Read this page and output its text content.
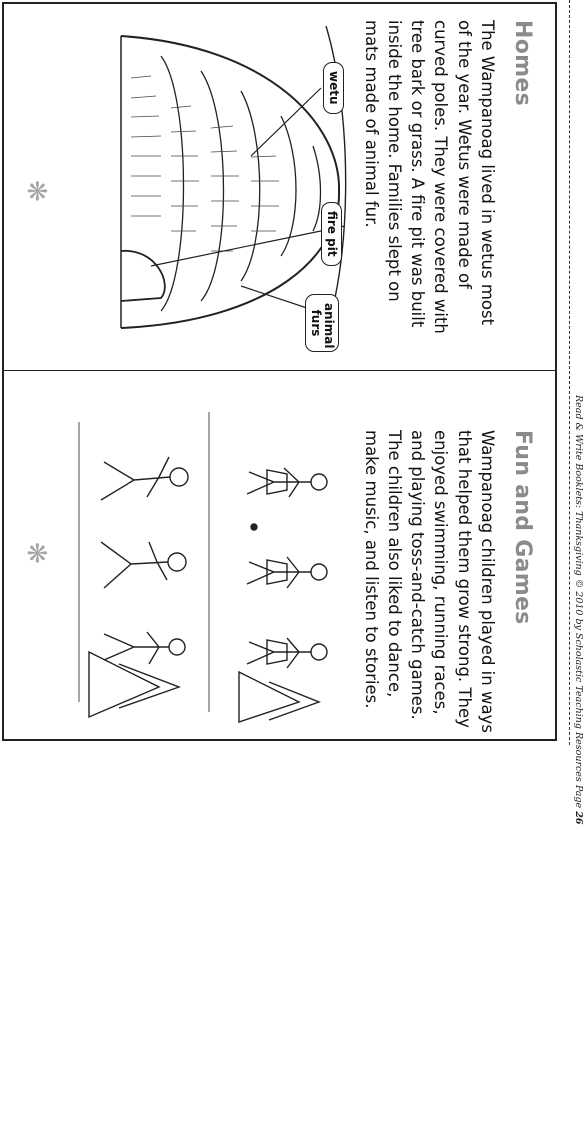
Homes

The Wampanoag lived in wetus most of the year. Wetus were made of curved poles. They were covered with tree bark or grass. A fire pit was built inside the home. Families slept on mats made of animal fur.

wetu
fire pit
animal furs
❋
Fun and Games

Wampanoag children played in ways that helped them grow strong. They enjoyed swimming, running races, and playing toss-and-catch games. The children also liked to dance, make music, and listen to stories.

❋	Read & Write Booklets: Thanksgiving © 2010 by Scholastic Teaching Resources Page 26
